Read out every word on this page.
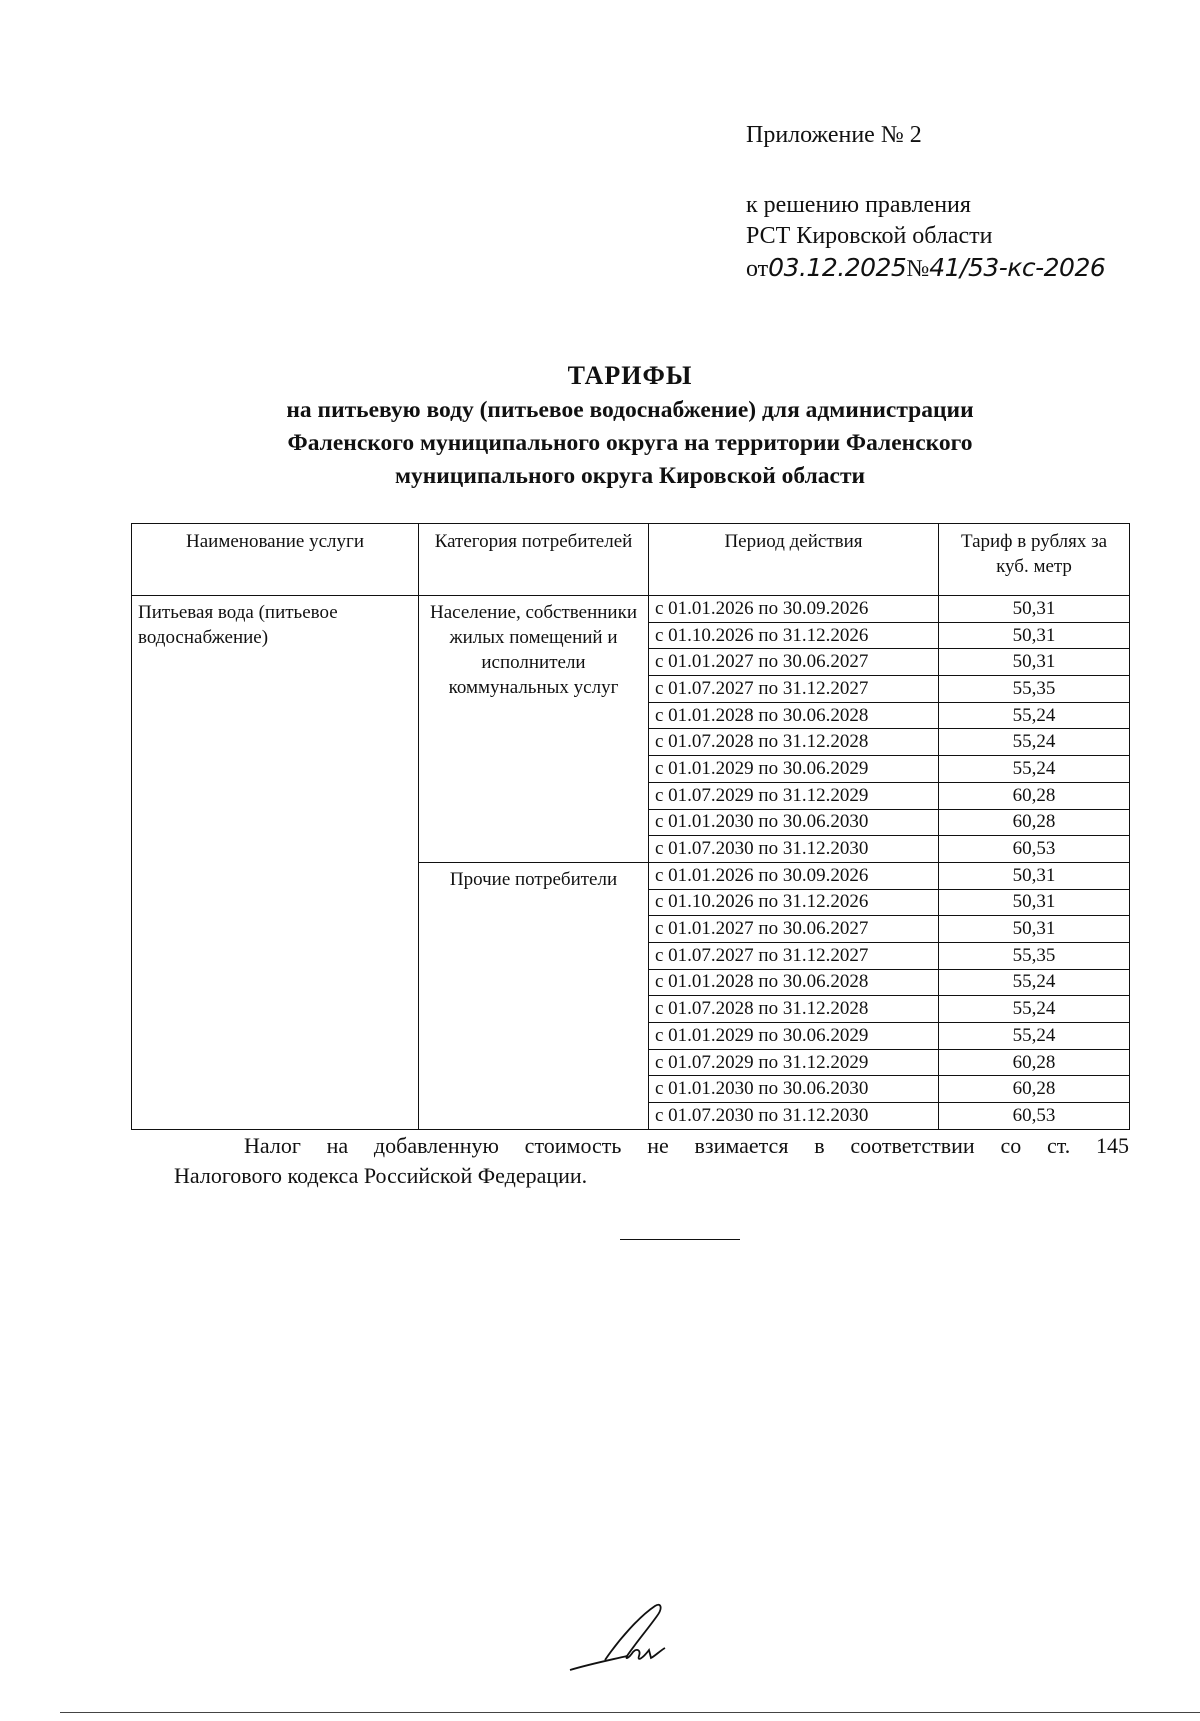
Приложение № 2
к решению правления
РСТ Кировской области
от03.12.2025№41/53-кс-2026
ТАРИФЫ
на питьевую воду (питьевое водоснабжение) для администрации
Фаленского муниципального округа на территории Фаленского
муниципального округа Кировской области
Наименование услуги	Категория потребителей	Период действия	Тариф в рублях за куб. метр
Питьевая вода (питьевое водоснабжение)	Население, собственники жилых помещений и исполнители коммунальных услуг	с 01.01.2026 по 30.09.2026	50,31
		с 01.10.2026 по 31.12.2026	50,31
		с 01.01.2027 по 30.06.2027	50,31
		с 01.07.2027 по 31.12.2027	55,35
		с 01.01.2028 по 30.06.2028	55,24
		с 01.07.2028 по 31.12.2028	55,24
		с 01.01.2029 по 30.06.2029	55,24
		с 01.07.2029 по 31.12.2029	60,28
		с 01.01.2030 по 30.06.2030	60,28
		с 01.07.2030 по 31.12.2030	60,53
	Прочие потребители	с 01.01.2026 по 30.09.2026	50,31
		с 01.10.2026 по 31.12.2026	50,31
		с 01.01.2027 по 30.06.2027	50,31
		с 01.07.2027 по 31.12.2027	55,35
		с 01.01.2028 по 30.06.2028	55,24
		с 01.07.2028 по 31.12.2028	55,24
		с 01.01.2029 по 30.06.2029	55,24
		с 01.07.2029 по 31.12.2029	60,28
		с 01.01.2030 по 30.06.2030	60,28
		с 01.07.2030 по 31.12.2030	60,53
Налог на добавленную стоимость не взимается в соответствии со ст. 145
Налогового кодекса Российской Федерации.
